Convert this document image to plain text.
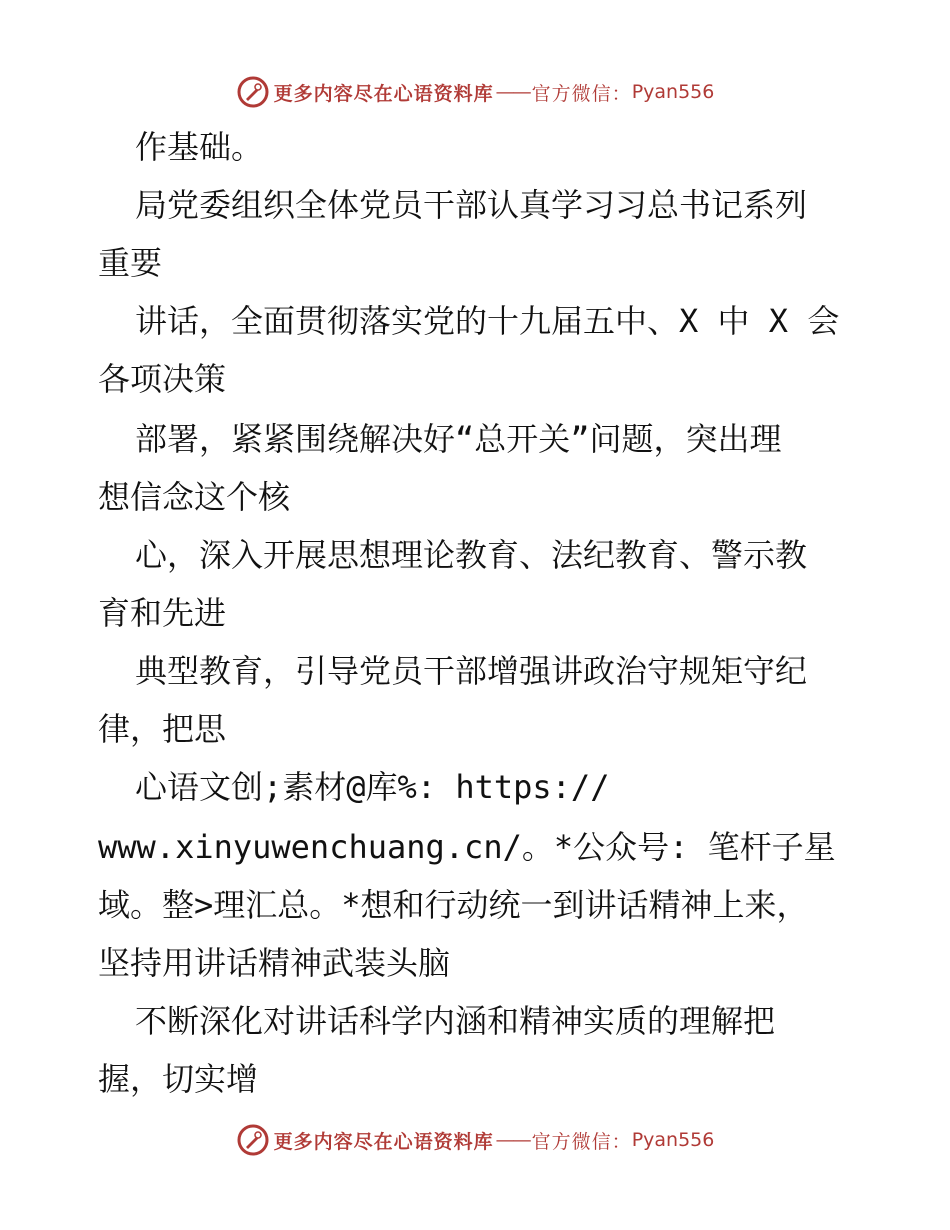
更多内容尽在心语资料库 —— 官方微信： Pyan556
作基础。
局党委组织全体党员干部认真学习习总书记系列
重要
讲话，全面贯彻落实党的十九届五中、X 中 X 会
各项决策
部署，紧紧围绕解决好“总开关”问题，突出理
想信念这个核
心，深入开展思想理论教育、法纪教育、警示教
育和先进
典型教育，引导党员干部增强讲政治守规矩守纪
律，把思
心语文创;素材@库%: https://
www.xinyuwenchuang.cn/。*公众号: 笔杆子星
域。整>理汇总。*想和行动统一到讲话精神上来，
坚持用讲话精神武装头脑
不断深化对讲话科学内涵和精神实质的理解把
握，切实增
更多内容尽在心语资料库 —— 官方微信： Pyan556
